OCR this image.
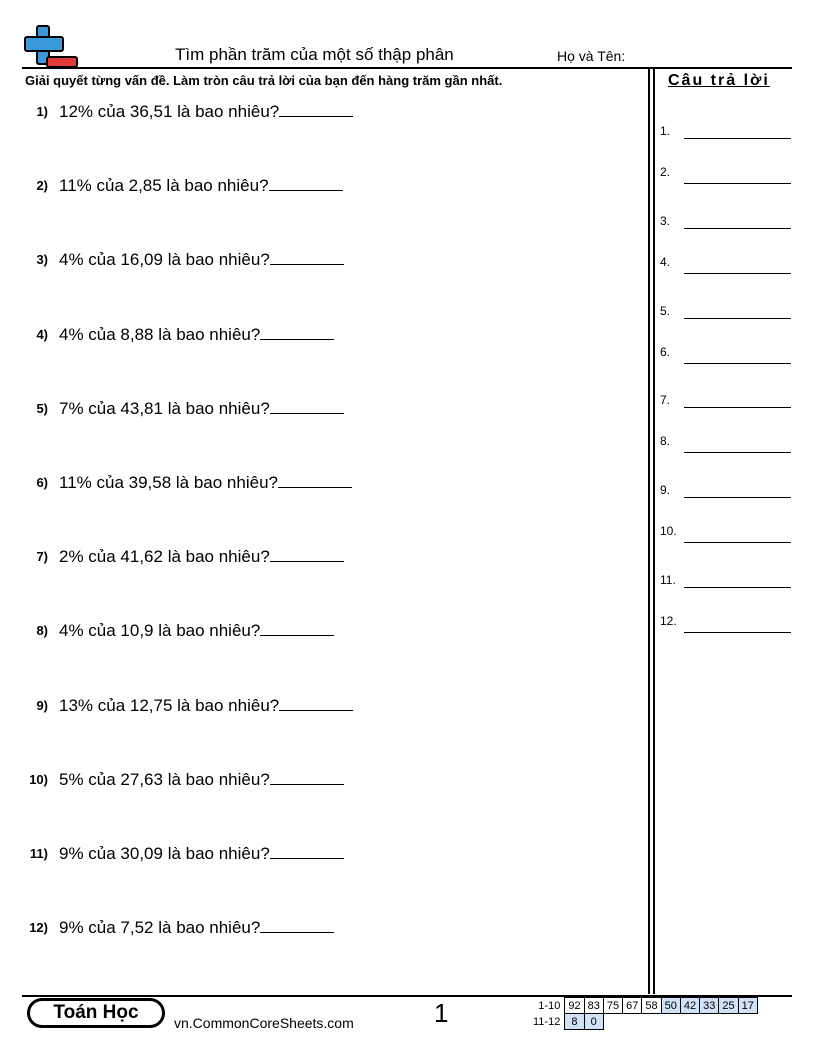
Tìm phần trăm của một số thập phân	Họ và Tên:
Giải quyết từng vấn đề. Làm tròn câu trả lời của bạn đến hàng trăm gần nhất.
1) 12% của 36,51 là bao nhiêu?
2) 11% của 2,85 là bao nhiêu?
3) 4% của 16,09 là bao nhiêu?
4) 4% của 8,88 là bao nhiêu?
5) 7% của 43,81 là bao nhiêu?
6) 11% của 39,58 là bao nhiêu?
7) 2% của 41,62 là bao nhiêu?
8) 4% của 10,9 là bao nhiêu?
9) 13% của 12,75 là bao nhiêu?
10) 5% của 27,63 là bao nhiêu?
11) 9% của 30,09 là bao nhiêu?
12) 9% của 7,52 là bao nhiêu?
Câu trả lời
1.
2.
3.
4.
5.
6.
7.
8.
9.
10.
11.
12.
Toán Học	vn.CommonCoreSheets.com	1	1-10	92	83	75	67	58	50	42	33	25	17
11-12	8	0								
